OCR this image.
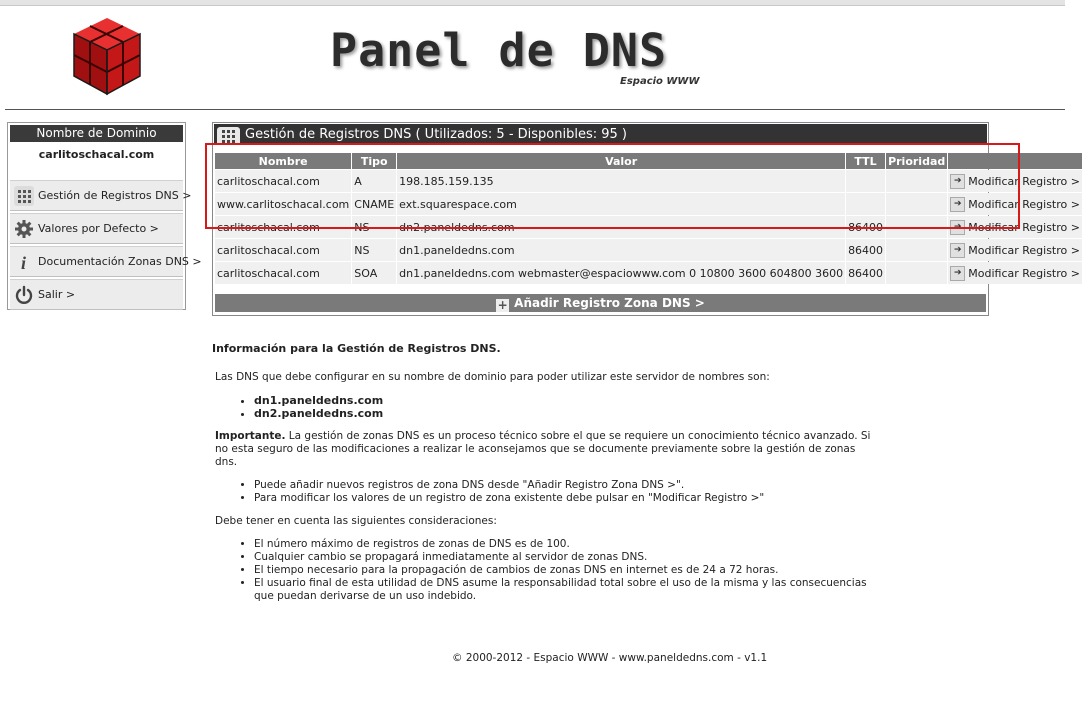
Panel de DNS
Espacio WWW
Nombre de Dominio
carlitoschacal.com
Gestión de Registros DNS >
Valores por Defecto >
i Documentación Zonas DNS >
Salir >
Gestión de Registros DNS ( Utilizados: 5 - Disponibles: 95 )
Nombre	Tipo	Valor	TTL	Prioridad	
carlitoschacal.com	A	198.185.159.135			➔ Modificar Registro >

www.carlitoschacal.com	CNAME	ext.squarespace.com			➔ Modificar Registro >

carlitoschacal.com	NS	dn2.paneldedns.com	86400		➔ Modificar Registro >

carlitoschacal.com	NS	dn1.paneldedns.com	86400		➔ Modificar Registro >

carlitoschacal.com	SOA	dn1.paneldedns.com webmaster@espaciowww.com 0 10800 3600 604800 3600	86400		➔ Modificar Registro >
+ Añadir Registro Zona DNS >
Información para la Gestión de Registros DNS.

Las DNS que debe configurar en su nombre de dominio para poder utilizar este servidor de nombres son:

• dn1.paneldedns.com
• dn2.paneldedns.com

Importante. La gestión de zonas DNS es un proceso técnico sobre el que se requiere un conocimiento técnico avanzado. Si no esta seguro de las modificaciones a realizar le aconsejamos que se documente previamente sobre la gestión de zonas dns.

• Puede añadir nuevos registros de zona DNS desde "Añadir Registro Zona DNS >".
• Para modificar los valores de un registro de zona existente debe pulsar en "Modificar Registro >"

Debe tener en cuenta las siguientes consideraciones:

• El número máximo de registros de zonas de DNS es de 100.
• Cualquier cambio se propagará inmediatamente al servidor de zonas DNS.
• El tiempo necesario para la propagación de cambios de zonas DNS en internet es de 24 a 72 horas.
• El usuario final de esta utilidad de DNS asume la responsabilidad total sobre el uso de la misma y las consecuencias que puedan derivarse de un uso indebido.
© 2000-2012 - Espacio WWW - www.paneldedns.com - v1.1
